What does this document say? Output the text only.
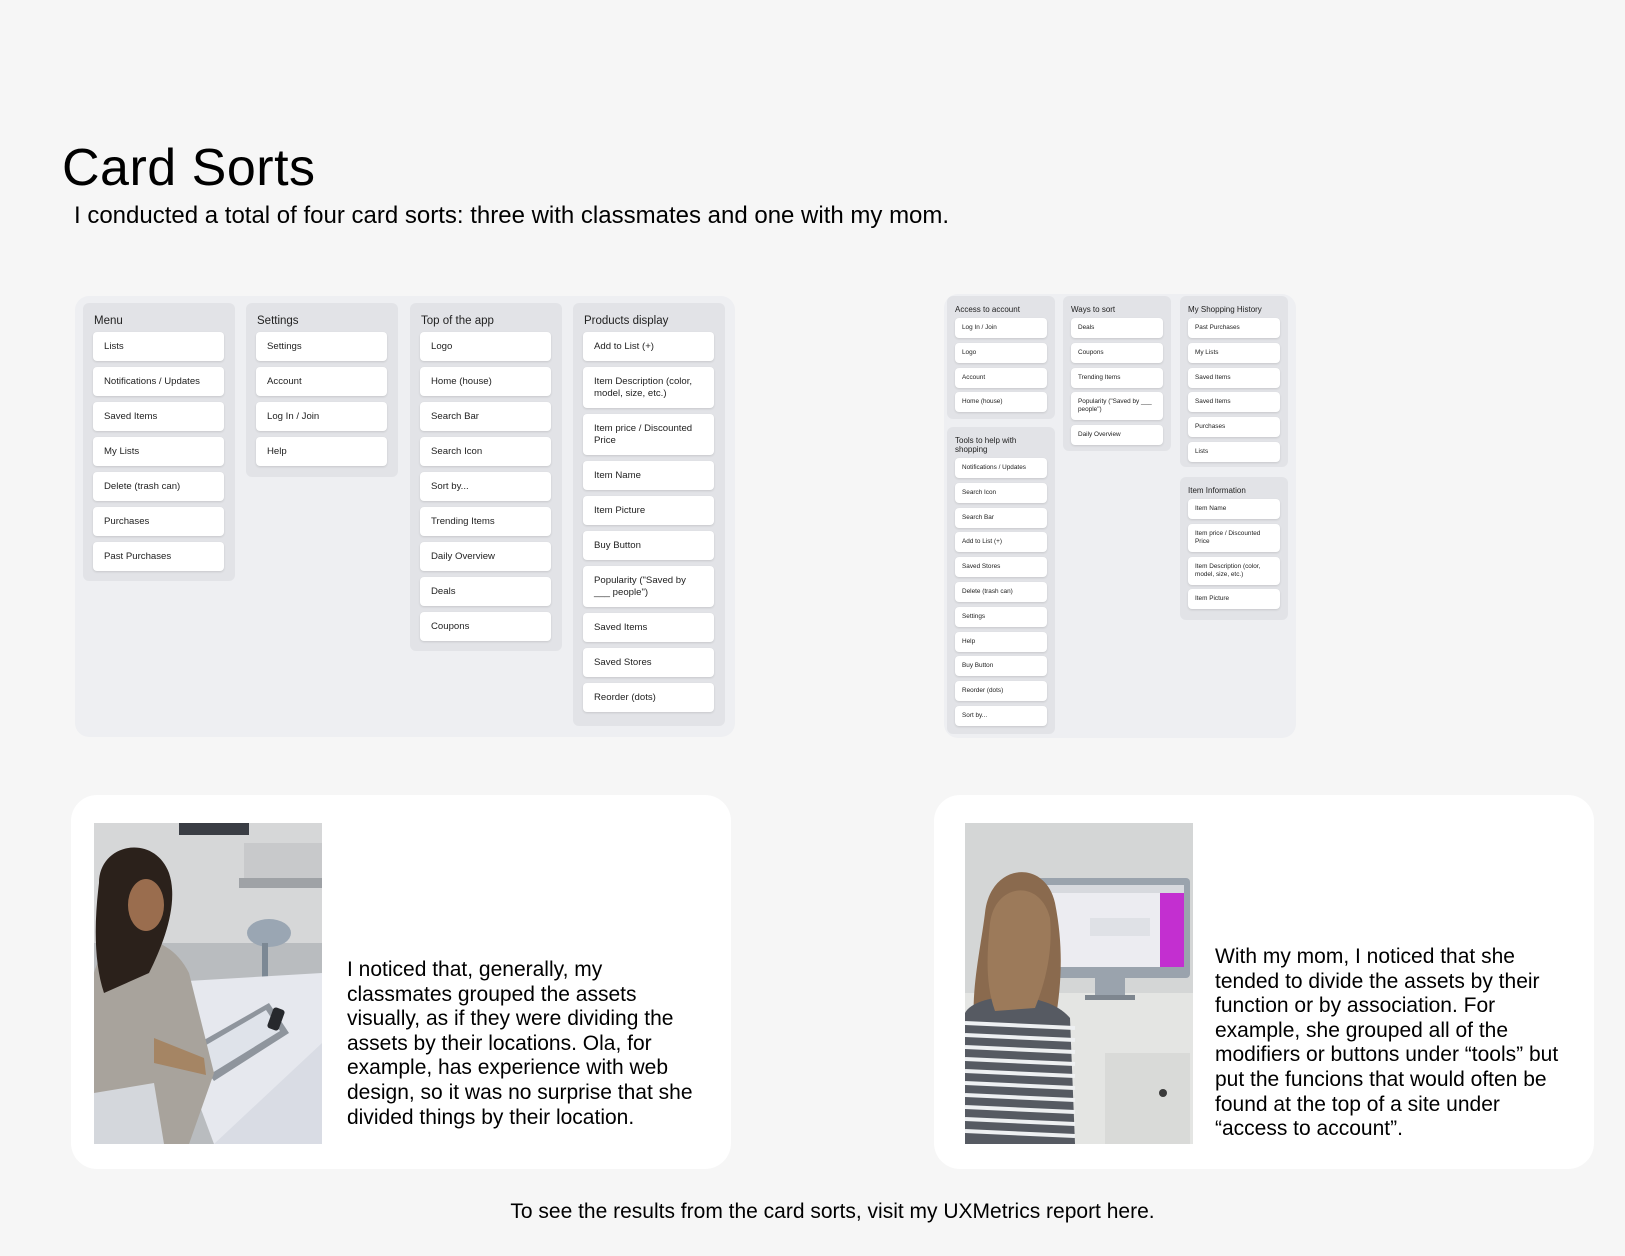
Card Sorts

I conducted a total of four card sorts: three with classmates and one with my mom.

Menu
Lists
Notifications / Updates
Saved Items
My Lists
Delete (trash can)
Purchases
Past Purchases
Settings
Settings
Account
Log In / Join
Help
Top of the app
Logo
Home (house)
Search Bar
Search Icon
Sort by...
Trending Items
Daily Overview
Deals
Coupons
Products display
Add to List (+)
Item Description (color, model, size, etc.)
Item price / Discounted Price
Item Name
Item Picture
Buy Button
Popularity ("Saved by ___ people")
Saved Items
Saved Stores
Reorder (dots)
Access to account
Log In / Join
Logo
Account
Home (house)
Tools to help with shopping
Notifications / Updates
Search Icon
Search Bar
Add to List (+)
Saved Stores
Delete (trash can)
Settings
Help
Buy Button
Reorder (dots)
Sort by...
Ways to sort
Deals
Coupons
Trending Items
Popularity ("Saved by ___ people")
Daily Overview
My Shopping History
Past Purchases
My Lists
Saved Items
Saved Items
Purchases
Lists
Item Information
Item Name
Item price / Discounted Price
Item Description (color, model, size, etc.)
Item Picture

I noticed that, generally, my classmates grouped the assets visually, as if they were dividing the assets by their locations. Ola, for example, has experience with web design, so it was no surprise that she divided things by their location.

With my mom, I noticed that she tended to divide the assets by their function or by association. For example, she grouped all of the modifiers or buttons under “tools” but put the funcions that would often be found at the top of a site under “access to account”.

To see the results from the card sorts, visit my UXMetrics report here.
